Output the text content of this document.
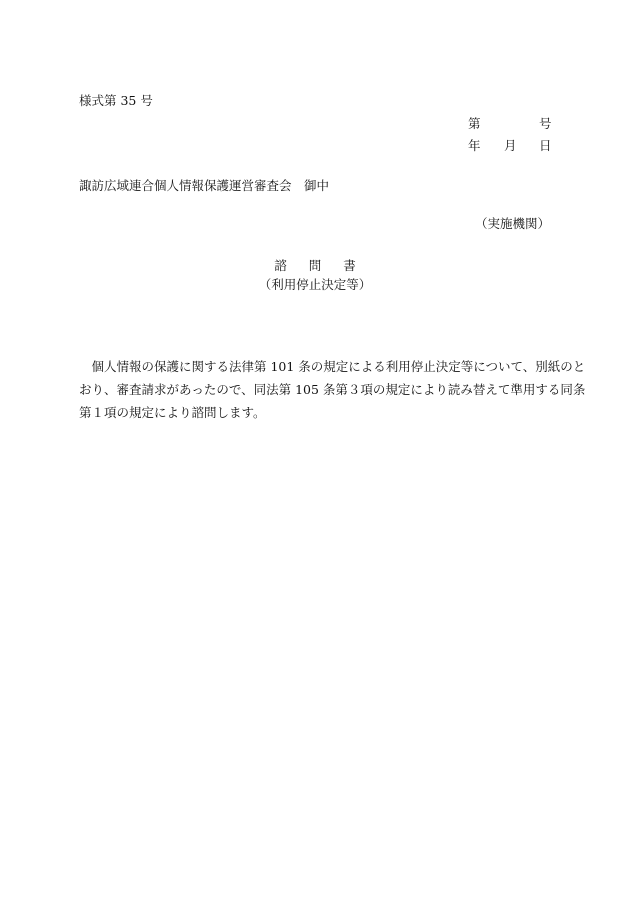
様式第 35 号
第	号
年 月 日
諏訪広域連合個人情報保護運営審査会　御中
（実施機関）
諮 問 書
（利用停止決定等）
　個人情報の保護に関する法律第 101 条の規定による利用停止決定等について、別紙のと
おり、審査請求があったので、同法第 105 条第３項の規定により読み替えて準用する同条
第１項の規定により諮問します。
